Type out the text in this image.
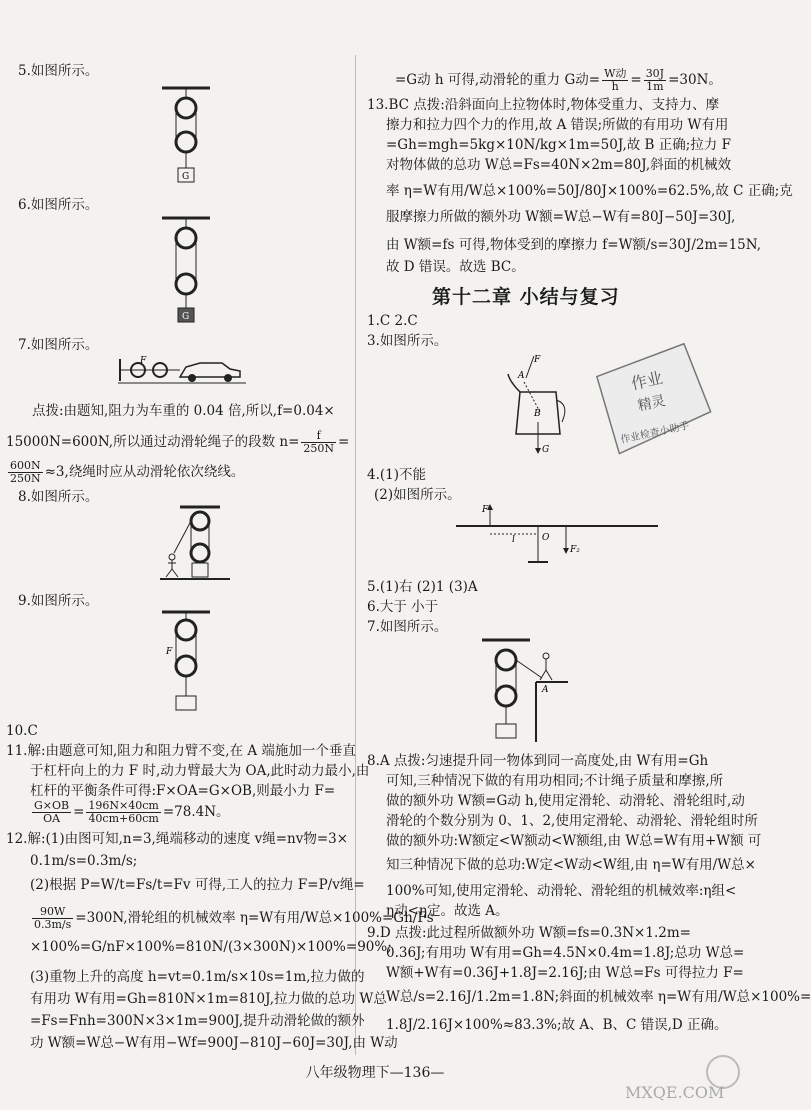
5.如图所示。
G
6.如图所示。
G
7.如图所示。
F
点拨:由题知,阻力为车重的 0.04 倍,所以,f=0.04×
15000N=600N,所以通过动滑轮绳子的段数 $n= \frac{f}{250N}$ =
$\frac{600N}{250N} \approx 3$,绕绳时应从动滑轮依次绕线。
8.如图所示。
9.如图所示。
F
10.C
11.解:由题意可知,阻力和阻力臂不变,在 A 端施加一个垂直
于杠杆向上的力 F 时,动力臂最大为 OA,此时动力最小,由
杠杆的平衡条件可得:F×OA=G×OB,则最小力 F=
$\frac{G\times OB}{OA} = \frac{196N\times 40cm}{40cm+60cm} =78.4N$。
12.解:(1)由图可知,n=3,绳端移动的速度 v绳=nv物=3×
0.1m/s=0.3m/s;
(2)根据 P=W/t=Fs/t=Fv 可得,工人的拉力 F=P/v绳=
$\frac{90W}{0.3m/s} =300N$,滑轮组的机械效率 η=W有用/W总×100%=Gh/Fs
×100%=G/nF×100%=810N/(3×300N)×100%=90%;
(3)重物上升的高度 h=vt=0.1m/s×10s=1m,拉力做的
有用功 W有用=Gh=810N×1m=810J,拉力做的总功 W总
=Fs=Fnh=300N×3×1m=900J,提升动滑轮做的额外
功 W额=W总−W有用−Wf=900J−810J−60J=30J,由 W动
=G动 h 可得,动滑轮的重力 G动= $\frac{\text{W动}}{h} = \frac{30J}{1m} =30N$。
13.BC 点拨:沿斜面向上拉物体时,物体受重力、支持力、摩
擦力和拉力四个力的作用,故 A 错误;所做的有用功 W有用
=Gh=mgh=5kg×10N/kg×1m=50J,故 B 正确;拉力 F
对物体做的总功 W总=Fs=40N×2m=80J,斜面的机械效
率 η=W有用/W总×100%=50J/80J×100%=62.5%,故 C 正确;克
服摩擦力所做的额外功 W额=W总−W有=80J−50J=30J,
由 W额=fs 可得,物体受到的摩擦力 f=W额/s=30J/2m=15N,
故 D 错误。故选 BC。
第十二章 小结与复习
1.C 2.C
3.如图所示。
F
A
B
G
4.(1)不能
(2)如图所示。
F
l	O
F₂
5.(1)右 (2)1 (3)A
6.大于 小于
7.如图所示。
A
8.A 点拨:匀速提升同一物体到同一高度处,由 W有用=Gh
可知,三种情况下做的有用功相同;不计绳子质量和摩擦,所
做的额外功 W额=G动 h,使用定滑轮、动滑轮、滑轮组时,动
滑轮的个数分别为 0、1、2,使用定滑轮、动滑轮、滑轮组时所
做的额外功:W额定<W额动<W额组,由 W总=W有用+W额 可
知三种情况下做的总功:W定<W动<W组,由 η=W有用/W总×
100%可知,使用定滑轮、动滑轮、滑轮组的机械效率:η组<
η动<η定。故选 A。
9.D 点拨:此过程所做额外功 W额=fs=0.3N×1.2m=
0.36J;有用功 W有用=Gh=4.5N×0.4m=1.8J;总功 W总=
W额+W有=0.36J+1.8J=2.16J;由 W总=Fs 可得拉力 F=
W总/s=2.16J/1.2m=1.8N;斜面的机械效率 η=W有用/W总×100%=
1.8J/2.16J×100%≈83.3%;故 A、B、C 错误,D 正确。
作业
精灵
作业检查小助手
八年级物理下—136—
MXQE.COM
